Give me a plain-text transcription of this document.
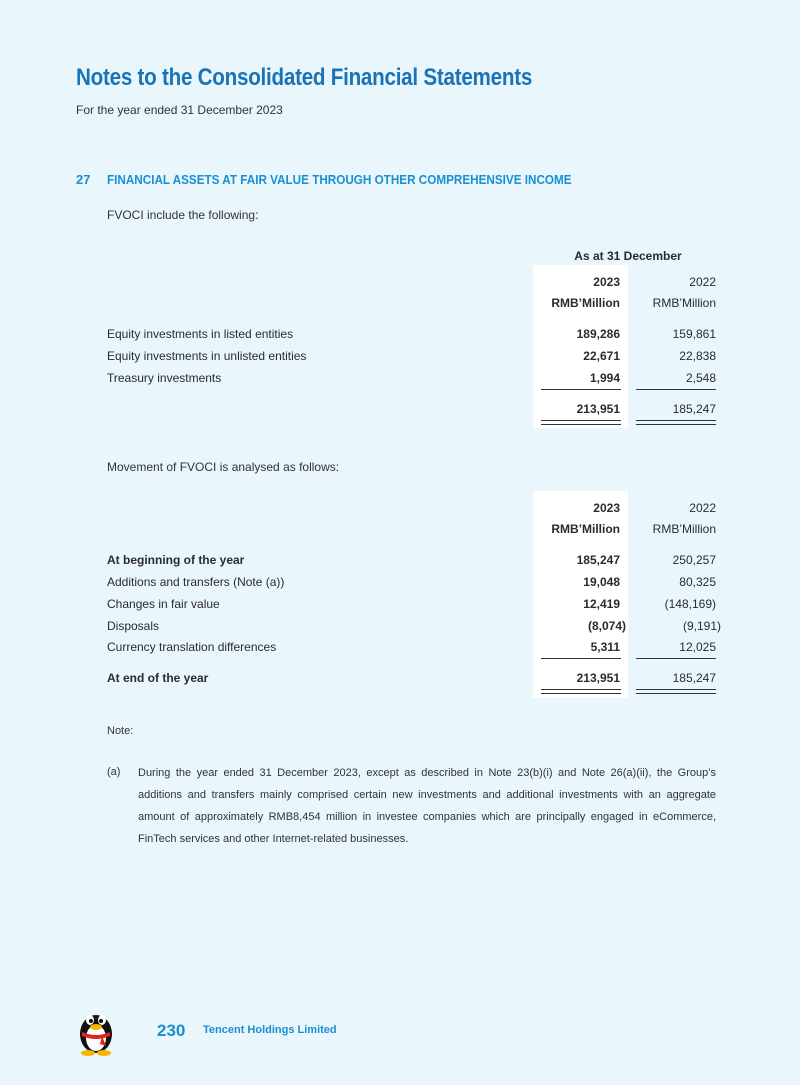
Notes to the Consolidated Financial Statements
For the year ended 31 December 2023
27 FINANCIAL ASSETS AT FAIR VALUE THROUGH OTHER COMPREHENSIVE INCOME
FVOCI include the following:
As at 31 December
2023	2022
RMB’Million	RMB’Million
Equity investments in listed entities	189,286	159,861
Equity investments in unlisted entities	22,671	22,838
Treasury investments	1,994	2,548
213,951	185,247
Movement of FVOCI is analysed as follows:
2023	2022
RMB’Million	RMB’Million
At beginning of the year	185,247	250,257
Additions and transfers (Note (a))	19,048	80,325
Changes in fair value	12,419	(148,169)
Disposals	(8,074)	(9,191)
Currency translation differences	5,311	12,025
At end of the year	213,951	185,247
Note:
(a) During the year ended 31 December 2023, except as described in Note 23(b)(i) and Note 26(a)(ii), the Group’s additions and transfers mainly comprised certain new investments and additional investments with an aggregate amount of approximately RMB8,454 million in investee companies which are principally engaged in eCommerce, FinTech services and other Internet-related businesses.
230 Tencent Holdings Limited
